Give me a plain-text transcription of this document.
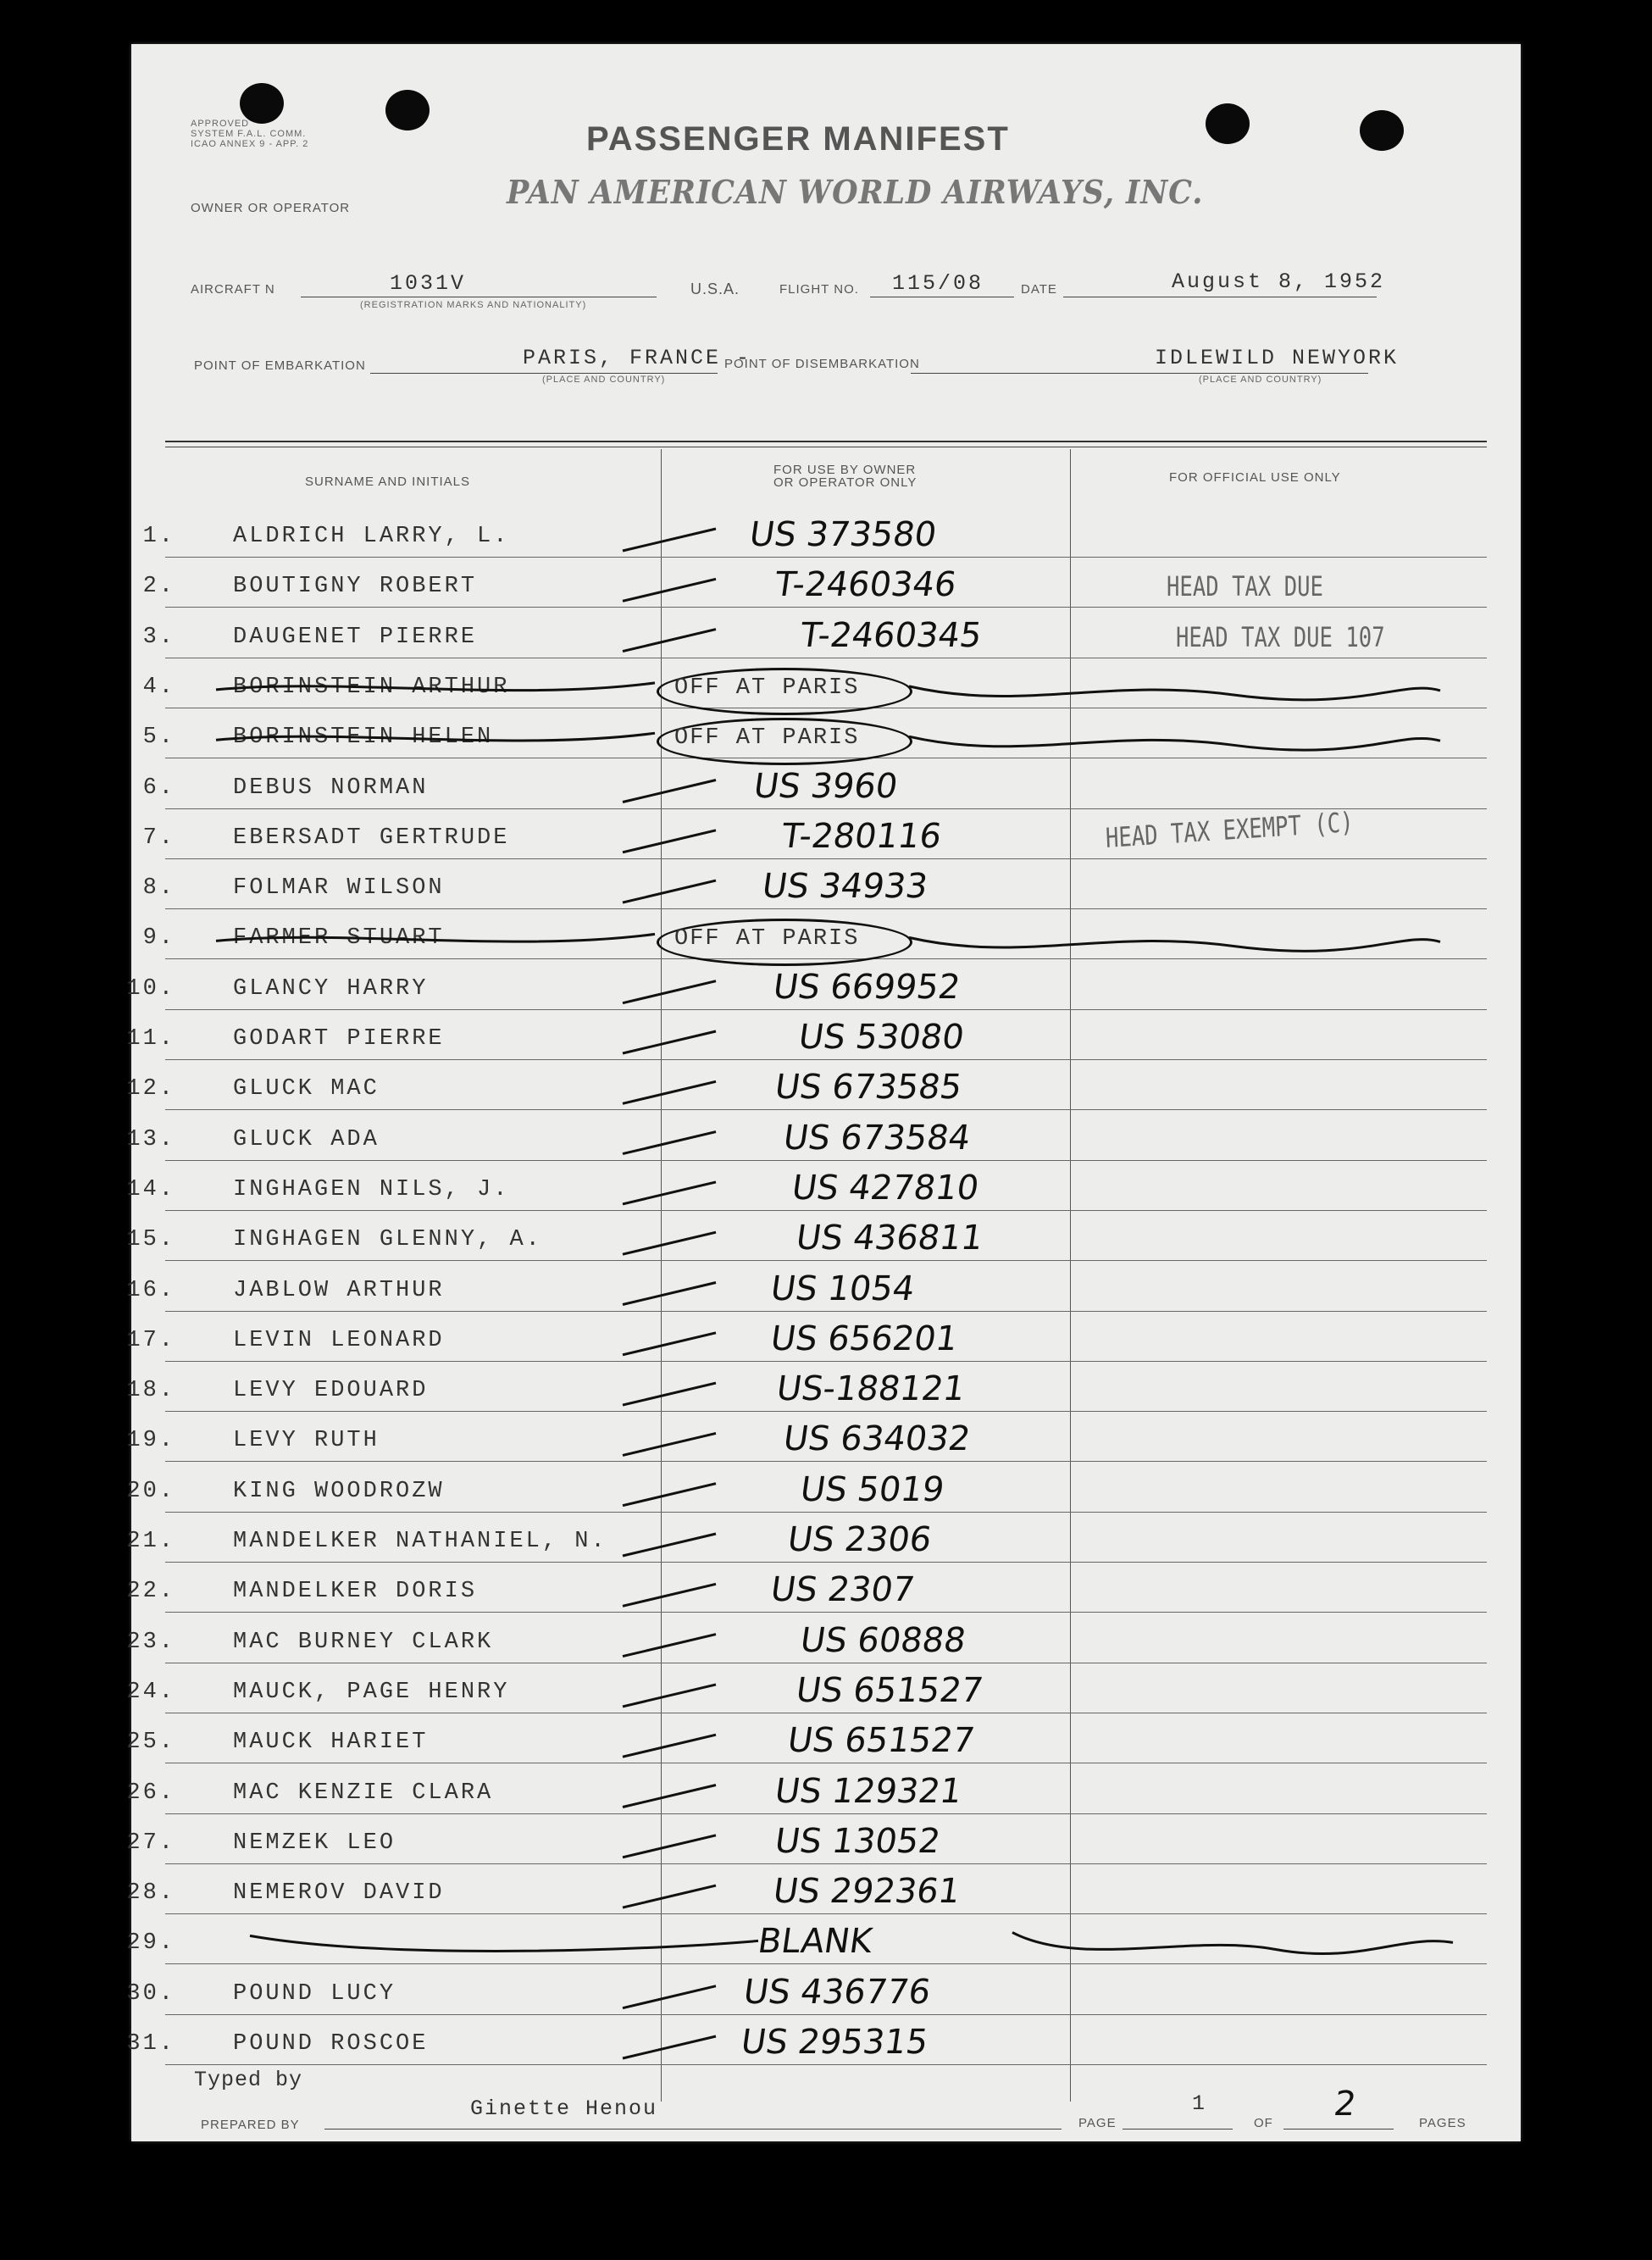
APPROVED
SYSTEM F.A.L. COMM.
ICAO ANNEX 9 - APP. 2	PASSENGER MANIFEST
OWNER OR OPERATOR	PAN AMERICAN WORLD AIRWAYS, INC.
AIRCRAFT N	1031V
(REGISTRATION MARKS AND NATIONALITY)
U.S.A.	FLIGHT NO. 115/08	DATE	August 8, 1952
POINT OF EMBARKATION	PARIS, FRANCE -
(PLACE AND COUNTRY)
POINT OF DISEMBARKATION	IDLEWILD NEWYORK
(PLACE AND COUNTRY)
SURNAME AND INITIALS
FOR USE BY OWNER
OR OPERATOR ONLY	FOR OFFICIAL USE ONLY
1.	ALDRICH LARRY, L.	US 373580
2.	BOUTIGNY ROBERT	T-2460346	HEAD TAX DUE
3.	DAUGENET PIERRE	T-2460345	HEAD TAX DUE 107
4.	BORINSTEIN ARTHUR	OFF AT PARIS
5.	BORINSTEIN HELEN	OFF AT PARIS
6.	DEBUS NORMAN	US 3960
7.	EBERSADT GERTRUDE	T-280116	HEAD TAX EXEMPT (C)
8.	FOLMAR WILSON	US 34933
9.	FARMER STUART	OFF AT PARIS
10.	GLANCY HARRY	US 669952
11.	GODART PIERRE	US 53080
12.	GLUCK MAC	US 673585
13.	GLUCK ADA	US 673584
14.	INGHAGEN NILS, J.	US 427810
15.	INGHAGEN GLENNY, A.	US 436811
16.	JABLOW ARTHUR	US 1054
17.	LEVIN LEONARD	US 656201
18.	LEVY EDOUARD	US-188121
19.	LEVY RUTH	US 634032
20.	KING WOODROZW	US 5019
21.	MANDELKER NATHANIEL, N.	US 2306
22.	MANDELKER DORIS	US 2307
23.	MAC BURNEY CLARK	US 60888
24.	MAUCK, PAGE HENRY	US 651527
25.	MAUCK HARIET	US 651527
26.	MAC KENZIE CLARA	US 129321
27.	NEMZEK LEO	US 13052
28.	NEMEROV DAVID	US 292361
29.	BLANK
30.	POUND LUCY	US 436776
31.	POUND ROSCOE	US 295315
Typed by
PREPARED BY
Ginette Henou
PAGE
1
OF 2	PAGES
